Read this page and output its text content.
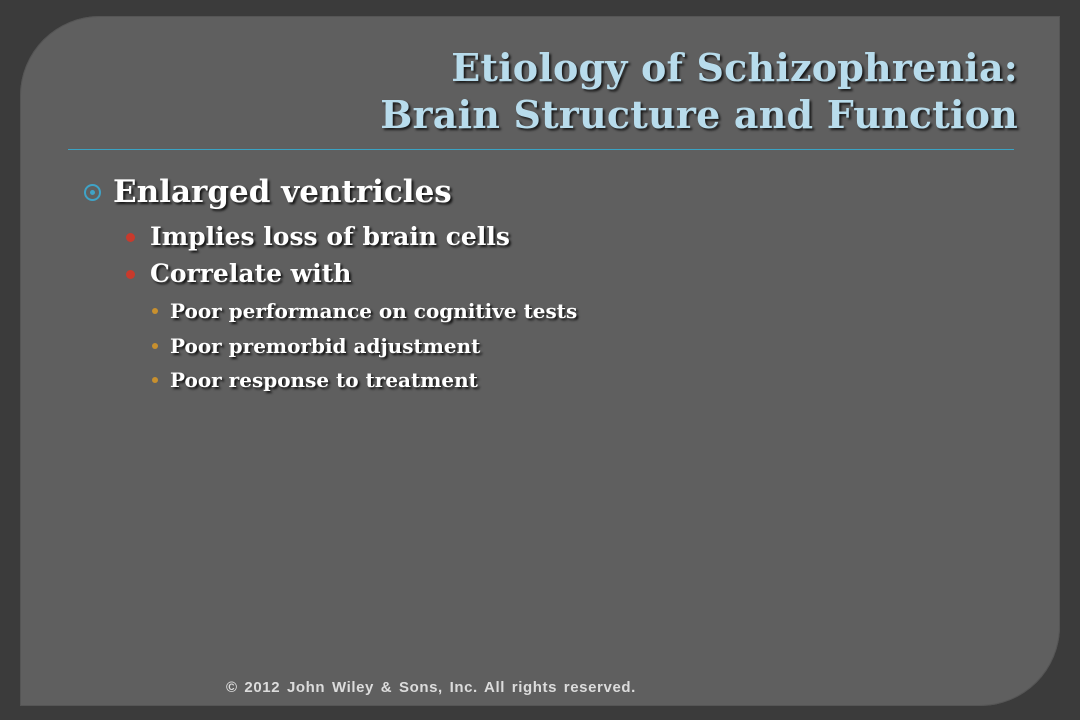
Etiology of Schizophrenia:
Brain Structure and Function
Enlarged ventricles
Implies loss of brain cells
Correlate with
Poor performance on cognitive tests
Poor premorbid adjustment
Poor response to treatment
© 2012 John Wiley & Sons, Inc. All rights reserved.
